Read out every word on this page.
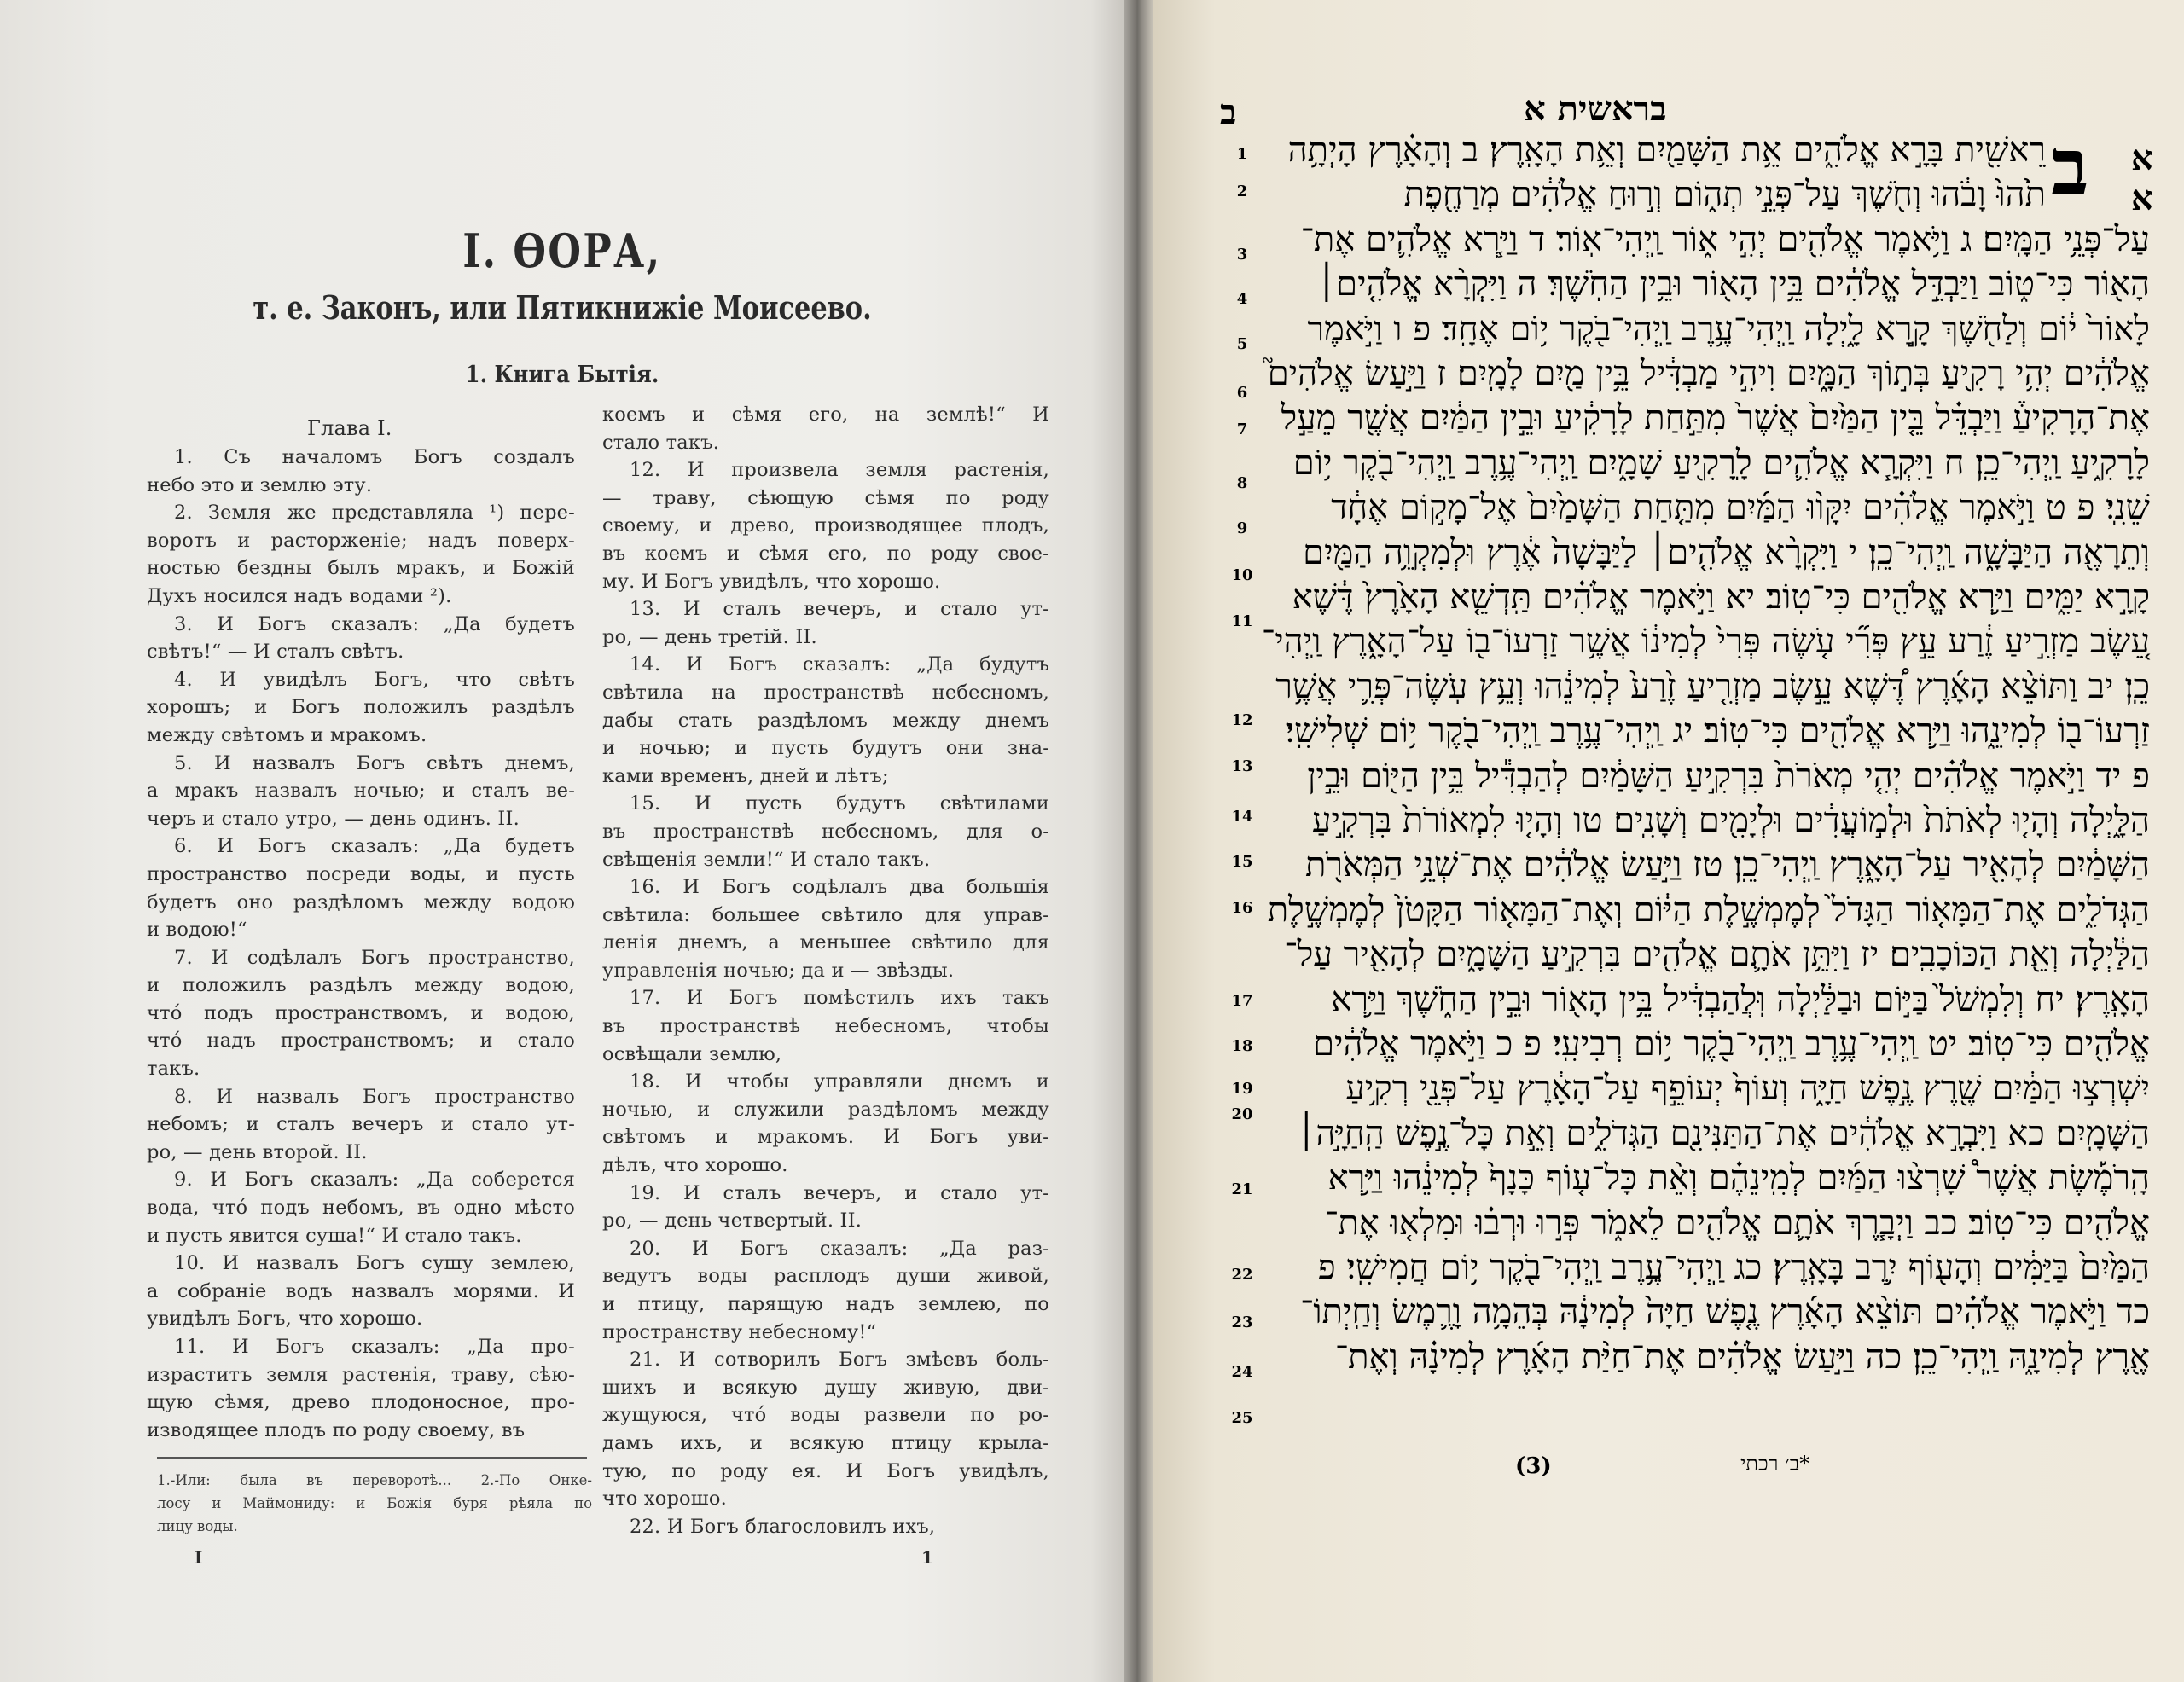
I. ѲОРА,
т. е. Законъ, или Пятикнижіе Моисеево.
1. Книга Бытія.
Глава I.
1. Съ началомъ Богъ создалъ
небо это и землю эту.
2. Земля же представляла ¹) пере-
воротъ и расторженіе; надъ поверх-
ностью бездны былъ мракъ, и Божій
Духъ носился надъ водами ²).
3. И Богъ сказалъ: „Да будетъ
свѣтъ!“ — И сталъ свѣтъ.
4. И увидѣлъ Богъ, что свѣтъ
хорошъ; и Богъ положилъ раздѣлъ
между свѣтомъ и мракомъ.
5. И назвалъ Богъ свѣтъ днемъ,
а мракъ назвалъ ночью; и сталъ ве-
черъ и стало утро, — день одинъ. II.
6. И Богъ сказалъ: „Да будетъ
пространство посреди воды, и пусть
будетъ оно раздѣломъ между водою
и водою!“
7. И содѣлалъ Богъ пространство,
и положилъ раздѣлъ между водою,
что́ подъ пространствомъ, и водою,
что́ надъ пространствомъ; и стало
такъ.
8. И назвалъ Богъ пространство
небомъ; и сталъ вечеръ и стало ут-
ро, — день второй. II.
9. И Богъ сказалъ: „Да соберется
вода, что́ подъ небомъ, въ одно мѣсто
и пусть явится суша!“ И стало такъ.
10. И назвалъ Богъ сушу землею,
а собраніе водъ назвалъ морями. И
увидѣлъ Богъ, что хорошо.
11. И Богъ сказалъ: „Да про-
израститъ земля растенія, траву, сѣю-
щую сѣмя, древо плодоносное, про-
изводящее плодъ по роду своему, въ
коемъ и сѣмя его, на землѣ!“ И
стало такъ.
12. И произвела земля растенія,
— траву, сѣющую сѣмя по роду
своему, и древо, производящее плодъ,
въ коемъ и сѣмя его, по роду свое-
му. И Богъ увидѣлъ, что хорошо.
13. И сталъ вечеръ, и стало ут-
ро, — день третій. II.
14. И Богъ сказалъ: „Да будутъ
свѣтила на пространствѣ небесномъ,
дабы стать раздѣломъ между днемъ
и ночью; и пусть будутъ они зна-
ками временъ, дней и лѣтъ;
15. И пусть будутъ свѣтилами
въ пространствѣ небесномъ, для о-
свѣщенія земли!“ И стало такъ.
16. И Богъ содѣлалъ два большія
свѣтила: большее свѣтило для управ-
ленія днемъ, а меньшее свѣтило для
управленія ночью; да и — звѣзды.
17. И Богъ помѣстилъ ихъ такъ
въ пространствѣ небесномъ, чтобы
освѣщали землю,
18. И чтобы управляли днемъ и
ночью, и служили раздѣломъ между
свѣтомъ и мракомъ. И Богъ уви-
дѣлъ, что хорошо.
19. И сталъ вечеръ, и стало ут-
ро, — день четвертый. II.
20. И Богъ сказалъ: „Да раз-
ведутъ воды расплодъ души живой,
и птицу, парящую надъ землею, по
пространству небесному!“
21. И сотворилъ Богъ змѣевъ боль-
шихъ и всякую душу живую, дви-
жущуюся, что́ воды развели по ро-
дамъ ихъ, и всякую птицу крыла-
тую, по роду ея. И Богъ увидѣлъ,
что хорошо.
22. И Богъ благословилъ ихъ,
1.-Или: была въ переворотѣ... 2.-По Онке-
лосу и Маймониду: и Божія буря рѣяла по
лицу воды.
I	1
ב	בראשית א
א א
ב
רֵאשִׁ֖ית בָּרָ֣א אֱלֹהִ֑ים אֵ֥ת הַשָּׁמַ֖יִם וְאֵ֥ת הָאָֽרֶץ׃ ב וְהָאָ֗רֶץ הָיְתָ֥ה
תֹ֙הוּ֙ וָבֹ֔הוּ וְחֹ֖שֶׁךְ עַל־פְּנֵ֣י תְה֑וֹם וְר֣וּחַ אֱלֹהִ֔ים מְרַחֶ֖פֶת
עַל־פְּנֵ֥י הַמָּֽיִם׃ ג וַיֹּ֥אמֶר אֱלֹהִ֖ים יְהִ֣י א֑וֹר וַֽיְהִי־אֽוֹר׃ ד וַיַּ֧רְא אֱלֹהִ֛ים אֶת־
הָא֖וֹר כִּי־ט֑וֹב וַיַּבְדֵּ֣ל אֱלֹהִ֔ים בֵּ֥ין הָא֖וֹר וּבֵ֥ין הַחֹֽשֶׁךְ׃ ה וַיִּקְרָ֨א אֱלֹהִ֤ים׀
לָאוֹר֙ י֔וֹם וְלַחֹ֖שֶׁךְ קָ֣רָא לָ֑יְלָה וַֽיְהִי־עֶ֥רֶב וַֽיְהִי־בֹ֖קֶר י֥וֹם אֶחָֽד׃ פ ו וַיֹּ֣אמֶר
אֱלֹהִ֔ים יְהִ֥י רָקִ֖יעַ בְּת֣וֹךְ הַמָּ֑יִם וִיהִ֣י מַבְדִּ֔יל בֵּ֥ין מַ֖יִם לָמָֽיִם׃ ז וַיַּ֣עַשׂ אֱלֹהִים֮
אֶת־הָרָקִיעַ֒ וַיַּבְדֵּ֗ל בֵּ֤ין הַמַּ֙יִם֙ אֲשֶׁר֙ מִתַּ֣חַת לָרָקִ֔יעַ וּבֵ֣ין הַמַּ֔יִם אֲשֶׁ֖ר מֵעַ֣ל
לָרָקִ֑יעַ וַֽיְהִי־כֵֽן׃ ח וַיִּקְרָ֧א אֱלֹהִ֛ים לָֽרָקִ֖יעַ שָׁמָ֑יִם וַֽיְהִי־עֶ֥רֶב וַֽיְהִי־בֹ֖קֶר י֥וֹם
שֵׁנִֽי׃ פ ט וַיֹּ֣אמֶר אֱלֹהִ֗ים יִקָּו֨וּ הַמַּ֜יִם מִתַּ֤חַת הַשָּׁמַ֙יִם֙ אֶל־מָק֣וֹם אֶחָ֔ד
וְתֵרָאֶ֖ה הַיַּבָּשָׁ֑ה וַֽיְהִי־כֵֽן׃ י וַיִּקְרָ֨א אֱלֹהִ֤ים׀ לַיַּבָּשָׁה֙ אֶ֔רֶץ וּלְמִקְוֵ֥ה הַמַּ֖יִם
קָרָ֣א יַמִּ֑ים וַיַּ֥רְא אֱלֹהִ֖ים כִּי־טֽוֹב׃ יא וַיֹּ֣אמֶר אֱלֹהִ֗ים תַּֽדְשֵׁ֤א הָאָ֙רֶץ֙ דֶּ֔שֶׁא
עֵ֚שֶׂב מַזְרִ֣יעַ זֶ֔רַע עֵ֣ץ פְּרִ֞י עֹ֤שֶׂה פְּרִי֙ לְמִינ֔וֹ אֲשֶׁ֥ר זַרְעוֹ־ב֖וֹ עַל־הָאָ֑רֶץ וַֽיְהִי־
כֵֽן׃ יב וַתּוֹצֵ֨א הָאָ֜רֶץ דֶּ֠שֶׁא עֵ֣שֶׂב מַזְרִ֤יעַ זֶ֙רַע֙ לְמִינֵ֔הוּ וְעֵ֥ץ עֹֽשֶׂה־פְּרִ֛י אֲשֶׁ֥ר
זַרְעוֹ־ב֖וֹ לְמִינֵ֑הוּ וַיַּ֥רְא אֱלֹהִ֖ים כִּי־טֽוֹב׃ יג וַֽיְהִי־עֶ֥רֶב וַֽיְהִי־בֹ֖קֶר י֥וֹם שְׁלִישִֽׁי׃
פ יד וַיֹּ֣אמֶר אֱלֹהִ֗ים יְהִ֤י מְאֹרֹת֙ בִּרְקִ֣יעַ הַשָּׁמַ֔יִם לְהַבְדִּ֕יל בֵּ֥ין הַיּ֖וֹם וּבֵ֣ין
הַלָּ֑יְלָה וְהָי֤וּ לְאֹתֹת֙ וּלְמ֣וֹעֲדִ֔ים וּלְיָמִ֖ים וְשָׁנִֽים׃ טו וְהָי֤וּ לִמְאוֹרֹת֙ בִּרְקִ֣יעַ
הַשָּׁמַ֔יִם לְהָאִ֖יר עַל־הָאָ֑רֶץ וַֽיְהִי־כֵֽן׃ טז וַיַּ֣עַשׂ אֱלֹהִ֔ים אֶת־שְׁנֵ֥י הַמְּאֹרֹ֖ת
הַגְּדֹלִ֑ים אֶת־הַמָּא֤וֹר הַגָּדֹל֙ לְמֶמְשֶׁ֣לֶת הַיּ֔וֹם וְאֶת־הַמָּא֤וֹר הַקָּטֹן֙ לְמֶמְשֶׁ֣לֶת
הַלַּ֔יְלָה וְאֵ֖ת הַכּוֹכָבִֽים׃ יז וַיִּתֵּ֥ן אֹתָ֛ם אֱלֹהִ֖ים בִּרְקִ֣יעַ הַשָּׁמָ֑יִם לְהָאִ֖יר עַל־
הָאָֽרֶץ׃ יח וְלִמְשֹׁל֙ בַּיּ֣וֹם וּבַלַּ֔יְלָה וּֽלֲהַבְדִּ֔יל בֵּ֥ין הָא֖וֹר וּבֵ֣ין הַחֹ֑שֶׁךְ וַיַּ֥רְא
אֱלֹהִ֖ים כִּי־טֽוֹב׃ יט וַֽיְהִי־עֶ֥רֶב וַֽיְהִי־בֹ֖קֶר י֥וֹם רְבִיעִֽי׃ פ כ וַיֹּ֣אמֶר אֱלֹהִ֔ים
יִשְׁרְצ֣וּ הַמַּ֔יִם שֶׁ֖רֶץ נֶ֣פֶשׁ חַיָּ֑ה וְעוֹף֙ יְעוֹפֵ֣ף עַל־הָאָ֔רֶץ עַל־פְּנֵ֖י רְקִ֥יעַ
הַשָּׁמָֽיִם׃ כא וַיִּבְרָ֣א אֱלֹהִ֔ים אֶת־הַתַּנִּינִ֖ם הַגְּדֹלִ֑ים וְאֵ֣ת כָּל־נֶ֣פֶשׁ הַֽחַיָּ֣ה׀
הָֽרֹמֶ֡שֶׂת אֲשֶׁר֩ שָׁרְצ֨וּ הַמַּ֜יִם לְמִֽינֵהֶ֗ם וְאֵ֨ת כָּל־ע֤וֹף כָּנָף֙ לְמִינֵ֔הוּ וַיַּ֥רְא
אֱלֹהִ֖ים כִּי־טֽוֹב׃ כב וַיְבָ֧רֶךְ אֹתָ֛ם אֱלֹהִ֖ים לֵאמֹ֑ר פְּר֣וּ וּרְב֗וּ וּמִלְא֤וּ אֶת־
הַמַּ֙יִם֙ בַּיַּמִּ֔ים וְהָע֖וֹף יִ֥רֶב בָּאָֽרֶץ׃ כג וַֽיְהִי־עֶ֥רֶב וַֽיְהִי־בֹ֖קֶר י֥וֹם חֲמִישִֽׁי׃ פ
כד וַיֹּ֣אמֶר אֱלֹהִ֗ים תּוֹצֵ֨א הָאָ֜רֶץ נֶ֤פֶשׁ חַיָּה֙ לְמִינָ֔הּ בְּהֵמָ֥ה וָרֶ֛מֶשׂ וְחַֽיְתוֹ־
אֶ֖רֶץ לְמִינָ֑הּ וַֽיְהִי־כֵֽן׃ כה וַיַּ֣עַשׂ אֱלֹהִ֗ים אֶת־חַיַּ֨ת הָאָ֜רֶץ לְמִינָ֗הּ וְאֶת־
1
2
3
4
5
6
7
8
9
10
11
12
13
14
15
16
17
18
19
20
21
22
23
24
25
(3)	*ב׳ רכתי
